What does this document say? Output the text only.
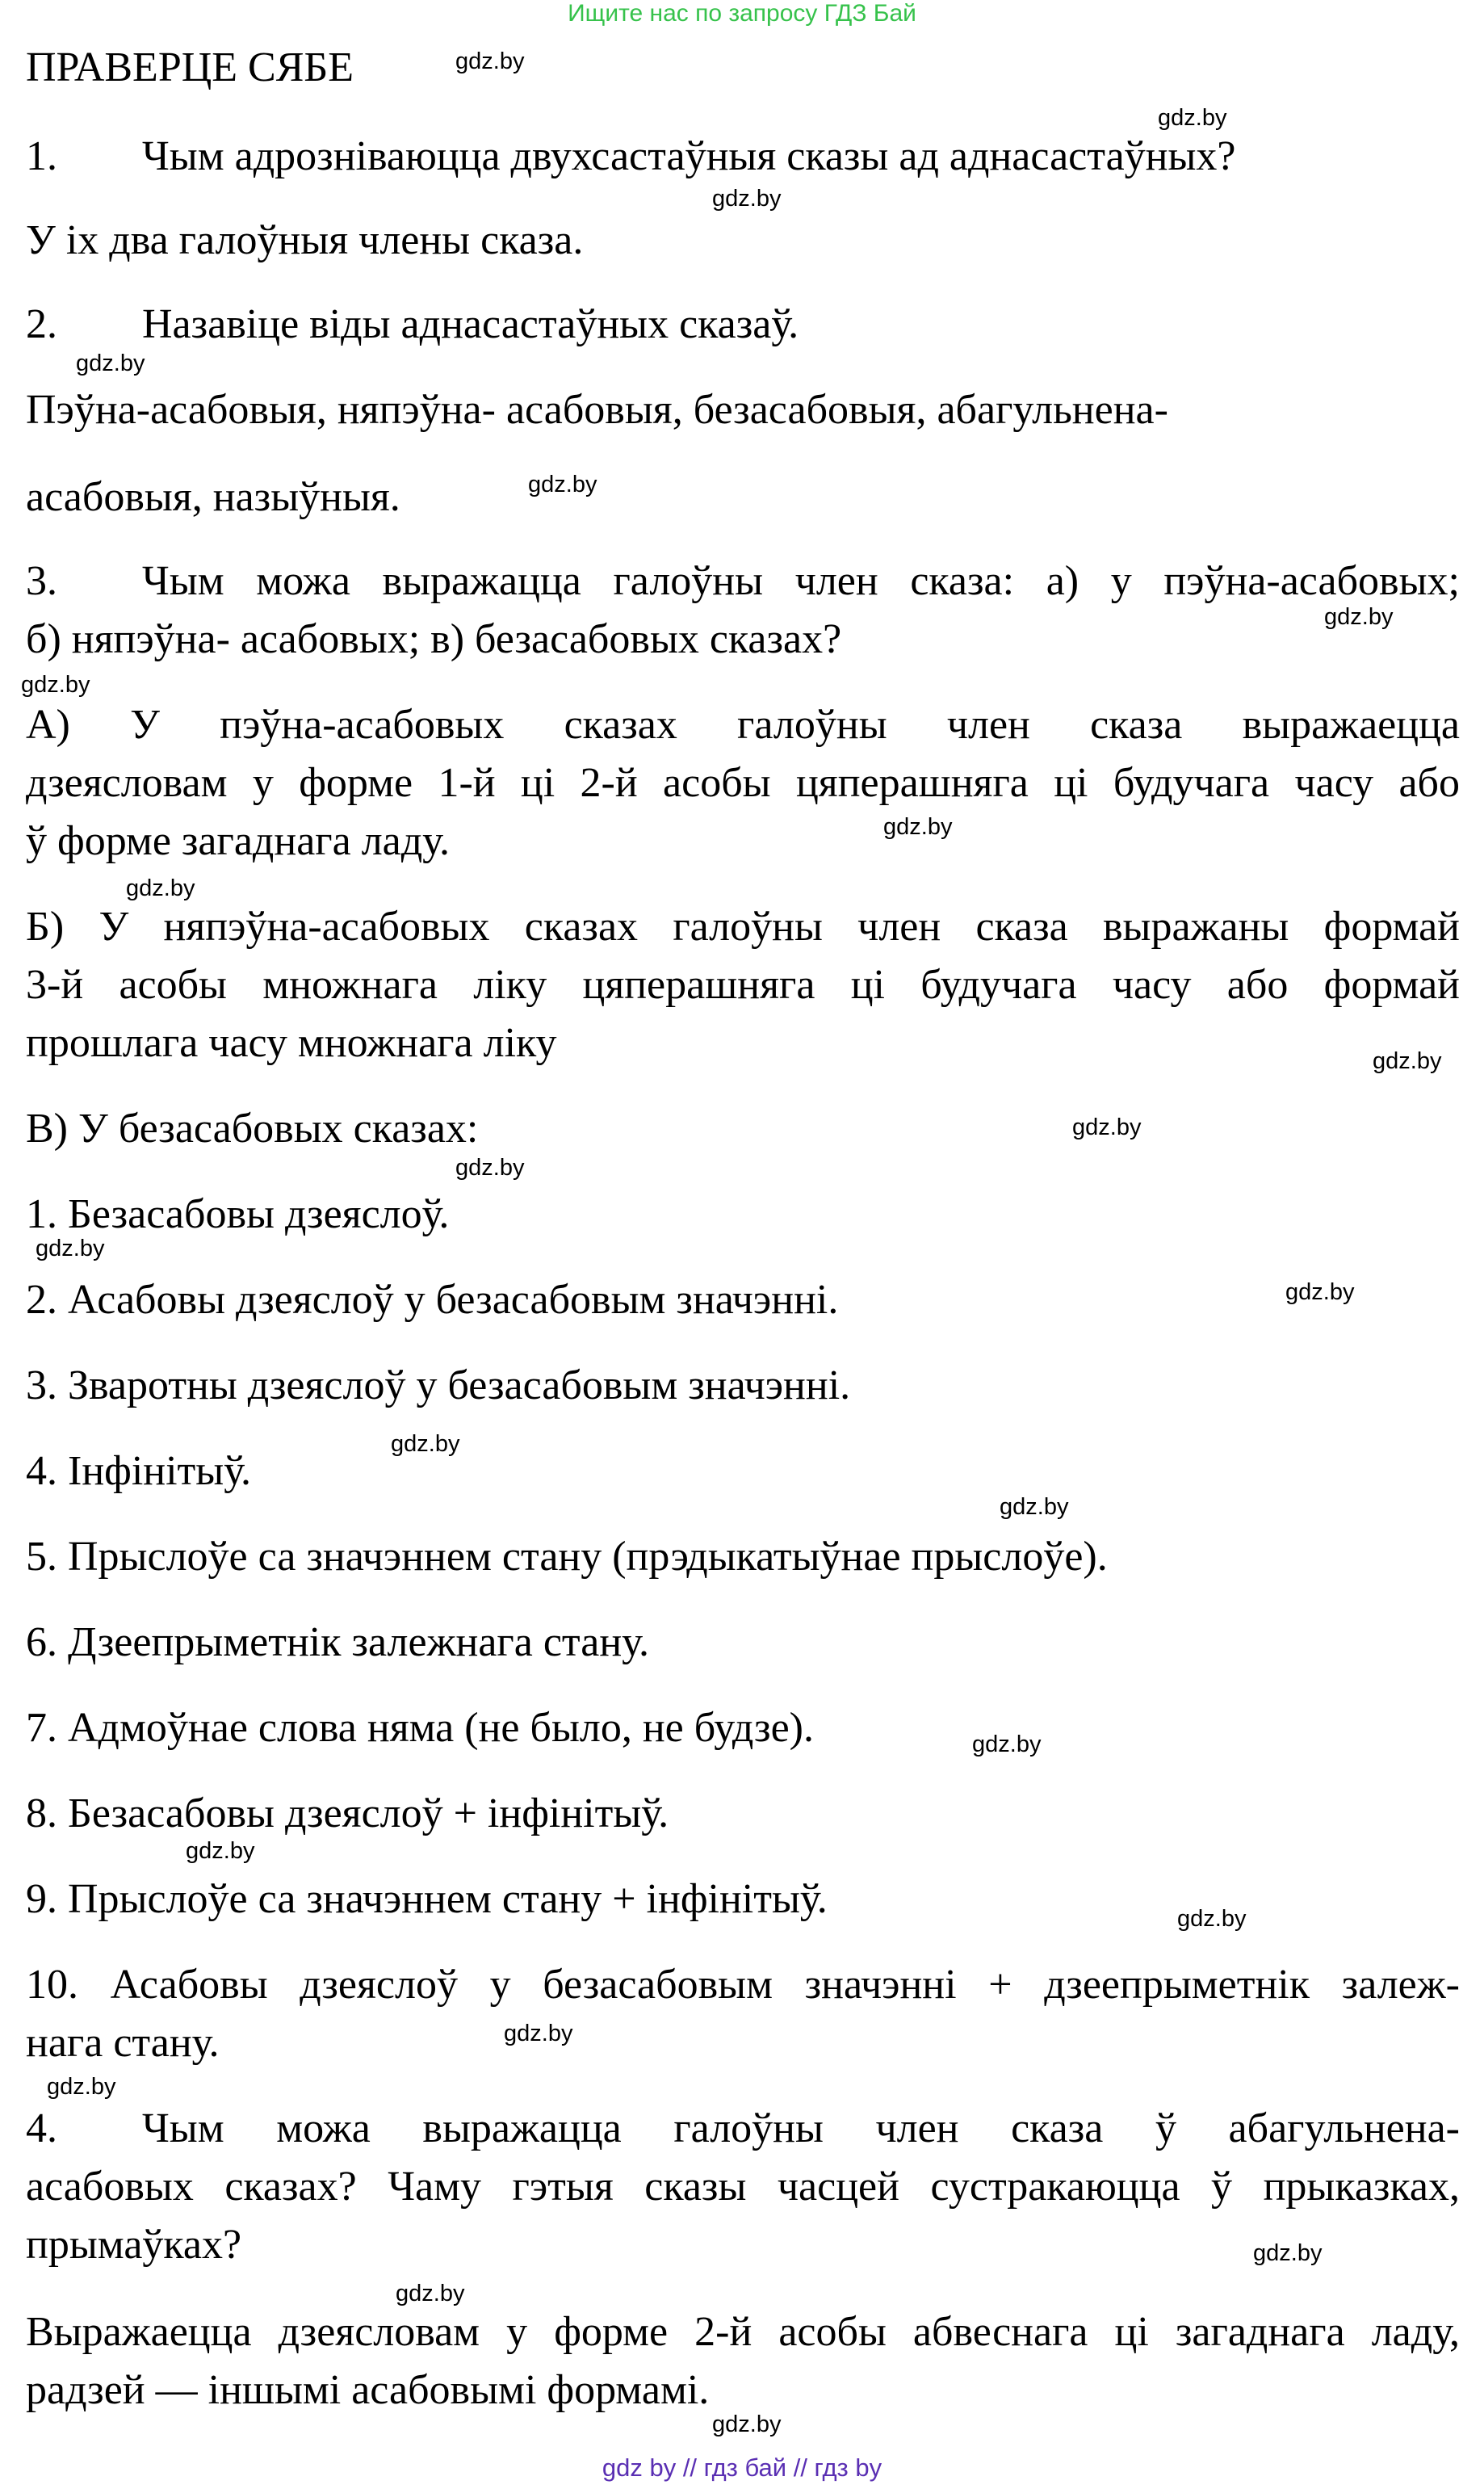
Ищите нас по запросу ГДЗ Бай
ПРАВЕРЦЕ СЯБЕ
1. Чым адрозніваюцца двухсастаўныя сказы ад аднасастаўных?
У іх два галоўныя члены сказа.
2. Назавіце віды аднасастаўных сказаў.
Пэўна-асабовыя, няпэўна- асабовыя, безасабовыя, абагульнена-
асабовыя, назыўныя.
3. Чым можа выражацца галоўны член сказа: а) у пэўна-асабовых;
б) няпэўна- асабовых; в) безасабовых сказах?
А) У пэўна-асабовых сказах галоўны член сказа выражаецца
дзеясловам у форме 1-й ці 2-й асобы цяперашняга ці будучага часу або
ў форме загаднага ладу.
Б) У няпэўна-асабовых сказах галоўны член сказа выражаны формай
3-й асобы множнага ліку цяперашняга ці будучага часу або формай
прошлага часу множнага ліку
В) У безасабовых сказах:
1. Безасабовы дзеяслоў.
2. Асабовы дзеяслоў у безасабовым значэнні.
3. Зваротны дзеяслоў у безасабовым значэнні.
4. Інфінітыў.
5. Прыслоўе са значэннем стану (прэдыкатыўнае прыслоўе).
6. Дзеепрыметнік залежнага стану.
7. Адмоўнае слова няма (не было, не будзе).
8. Безасабовы дзеяслоў + інфінітыў.
9. Прыслоўе са значэннем стану + інфінітыў.
10. Асабовы дзеяслоў у безасабовым значэнні + дзеепрыметнік залеж-
нага стану.
4. Чым можа выражацца галоўны член сказа ў абагульнена-
асабовых сказах? Чаму гэтыя сказы часцей сустракаюцца ў прыказках,
прымаўках?
Выражаецца дзеясловам у форме 2-й асобы абвеснага ці загаднага ладу,
радзей — іншымі асабовымі формамі.
gdz.by
gdz.by
gdz.by
gdz.by
gdz.by
gdz.by
gdz.by
gdz.by
gdz.by
gdz.by
gdz.by
gdz.by
gdz.by
gdz.by
gdz.by
gdz.by
gdz.by
gdz.by
gdz.by
gdz.by
gdz.by
gdz.by
gdz.by
gdz.by
gdz by // гдз бай // гдз by
